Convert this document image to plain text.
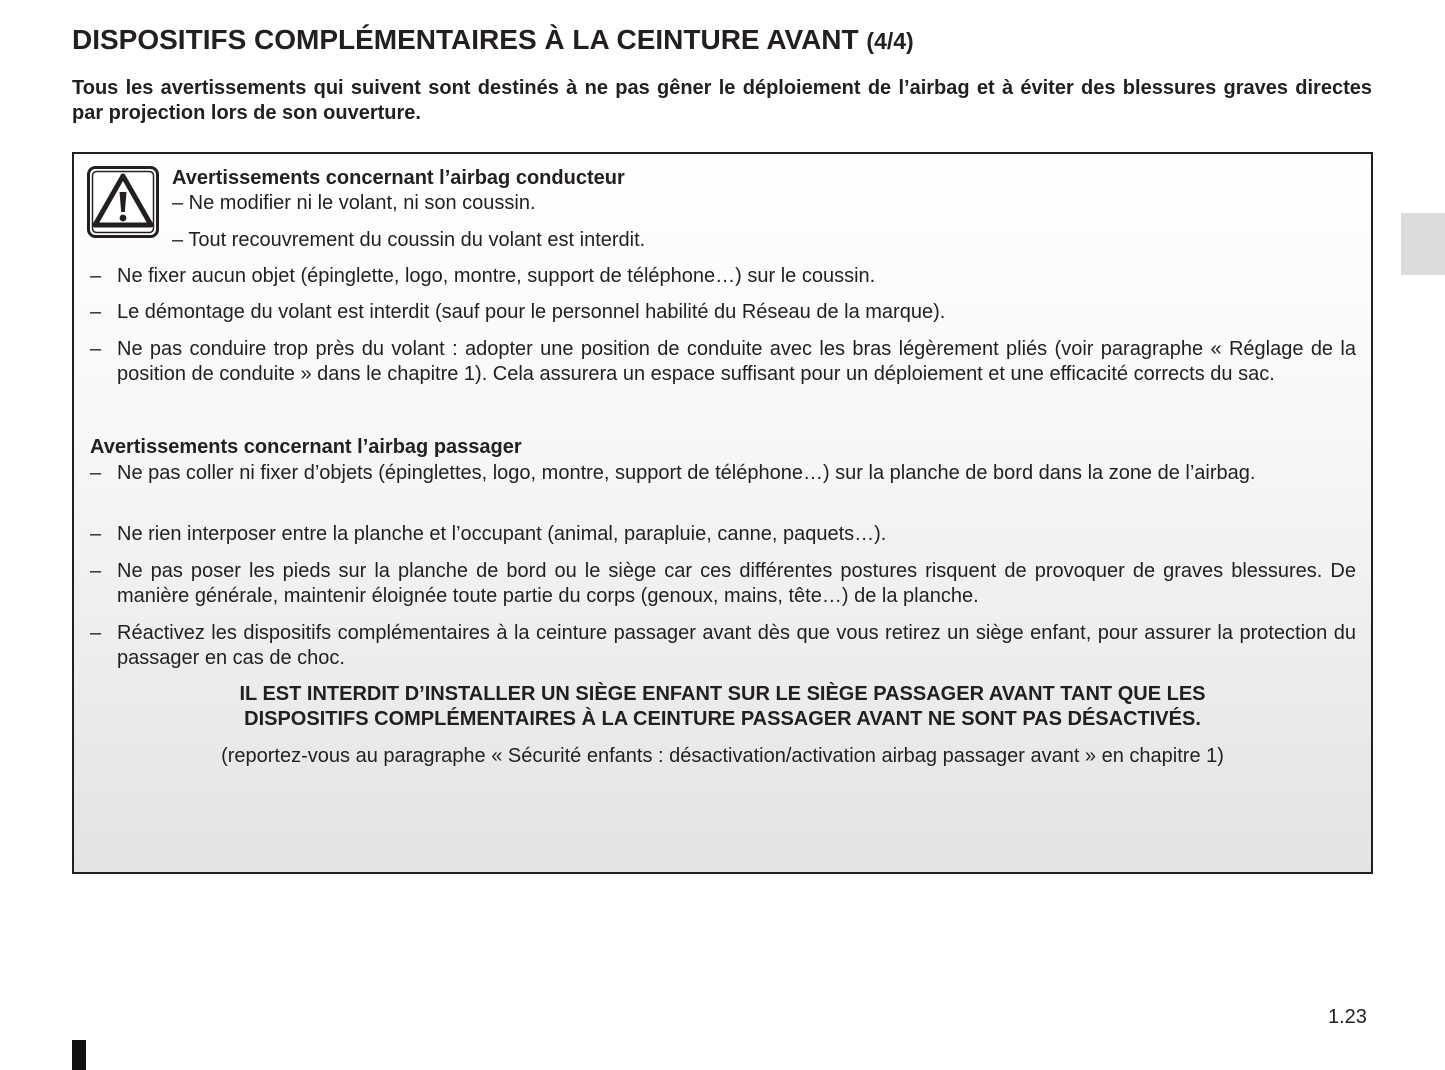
DISPOSITIFS COMPLÉMENTAIRES À LA CEINTURE AVANT (4/4)
Tous les avertissements qui suivent sont destinés à ne pas gêner le déploiement de l’airbag et à éviter des blessures graves directes par projection lors de son ouverture.
Avertissements concernant l’airbag conducteur
– Ne modifier ni le volant, ni son coussin.
– Tout recouvrement du coussin du volant est interdit.
– Ne fixer aucun objet (épinglette, logo, montre, support de téléphone…) sur le coussin.
– Le démontage du volant est interdit (sauf pour le personnel habilité du Réseau de la marque).
– Ne pas conduire trop près du volant : adopter une position de conduite avec les bras légèrement pliés (voir paragraphe « Réglage de la position de conduite » dans le chapitre 1). Cela assurera un espace suffisant pour un déploiement et une efficacité corrects du sac.
Avertissements concernant l’airbag passager
– Ne pas coller ni fixer d’objets (épinglettes, logo, montre, support de téléphone…) sur la planche de bord dans la zone de l’airbag.
– Ne rien interposer entre la planche et l’occupant (animal, parapluie, canne, paquets…).
– Ne pas poser les pieds sur la planche de bord ou le siège car ces différentes postures risquent de provoquer de graves blessures. De manière générale, maintenir éloignée toute partie du corps (genoux, mains, tête…) de la planche.
– Réactivez les dispositifs complémentaires à la ceinture passager avant dès que vous retirez un siège enfant, pour assurer la protection du passager en cas de choc.
IL EST INTERDIT D’INSTALLER UN SIÈGE ENFANT SUR LE SIÈGE PASSAGER AVANT TANT QUE LES
DISPOSITIFS COMPLÉMENTAIRES À LA CEINTURE PASSAGER AVANT NE SONT PAS DÉSACTIVÉS.
(reportez-vous au paragraphe « Sécurité enfants : désactivation/activation airbag passager avant » en chapitre 1)
1.23
